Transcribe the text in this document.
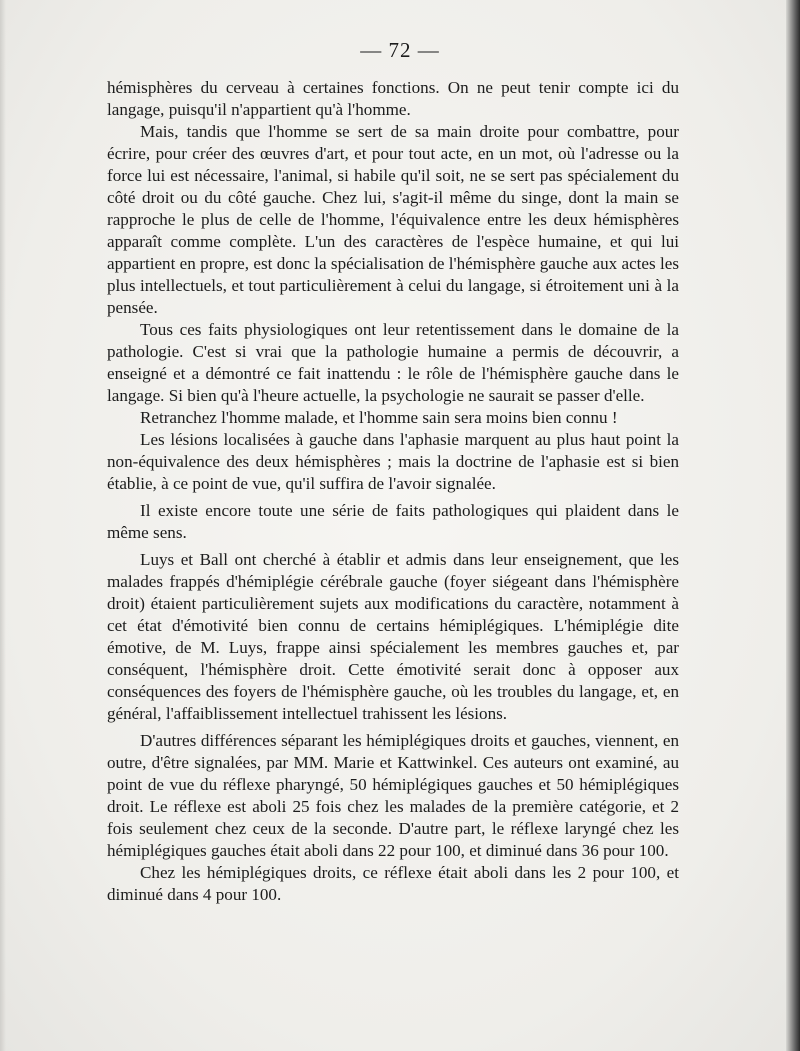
— 72 —

hémisphères du cerveau à certaines fonctions. On ne peut tenir compte ici du langage, puisqu'il n'appartient qu'à l'homme.

Mais, tandis que l'homme se sert de sa main droite pour combattre, pour écrire, pour créer des œuvres d'art, et pour tout acte, en un mot, où l'adresse ou la force lui est nécessaire, l'animal, si habile qu'il soit, ne se sert pas spécialement du côté droit ou du côté gauche. Chez lui, s'agit-il même du singe, dont la main se rapproche le plus de celle de l'homme, l'équivalence entre les deux hémisphères apparaît comme complète. L'un des caractères de l'espèce humaine, et qui lui appartient en propre, est donc la spécialisation de l'hémisphère gauche aux actes les plus intellectuels, et tout particulièrement à celui du langage, si étroitement uni à la pensée.

Tous ces faits physiologiques ont leur retentissement dans le domaine de la pathologie. C'est si vrai que la pathologie humaine a permis de découvrir, a enseigné et a démontré ce fait inattendu : le rôle de l'hémisphère gauche dans le langage. Si bien qu'à l'heure actuelle, la psychologie ne saurait se passer d'elle.

Retranchez l'homme malade, et l'homme sain sera moins bien connu !

Les lésions localisées à gauche dans l'aphasie marquent au plus haut point la non-équivalence des deux hémisphères ; mais la doctrine de l'aphasie est si bien établie, à ce point de vue, qu'il suffira de l'avoir signalée.

Il existe encore toute une série de faits pathologiques qui plaident dans le même sens.

Luys et Ball ont cherché à établir et admis dans leur enseignement, que les malades frappés d'hémiplégie cérébrale gauche (foyer siégeant dans l'hémisphère droit) étaient particulièrement sujets aux modifications du caractère, notamment à cet état d'émotivité bien connu de certains hémiplégiques. L'hémiplégie dite émotive, de M. Luys, frappe ainsi spécialement les membres gauches et, par conséquent, l'hémisphère droit. Cette émotivité serait donc à opposer aux conséquences des foyers de l'hémisphère gauche, où les troubles du langage, et, en général, l'affaiblissement intellectuel trahissent les lésions.

D'autres différences séparant les hémiplégiques droits et gauches, viennent, en outre, d'être signalées, par MM. Marie et Kattwinkel. Ces auteurs ont examiné, au point de vue du réflexe pharyngé, 50 hémiplégiques gauches et 50 hémiplégiques droit. Le réflexe est aboli 25 fois chez les malades de la première catégorie, et 2 fois seulement chez ceux de la seconde. D'autre part, le réflexe laryngé chez les hémiplégiques gauches était aboli dans 22 pour 100, et diminué dans 36 pour 100.

Chez les hémiplégiques droits, ce réflexe était aboli dans les 2 pour 100, et diminué dans 4 pour 100.
